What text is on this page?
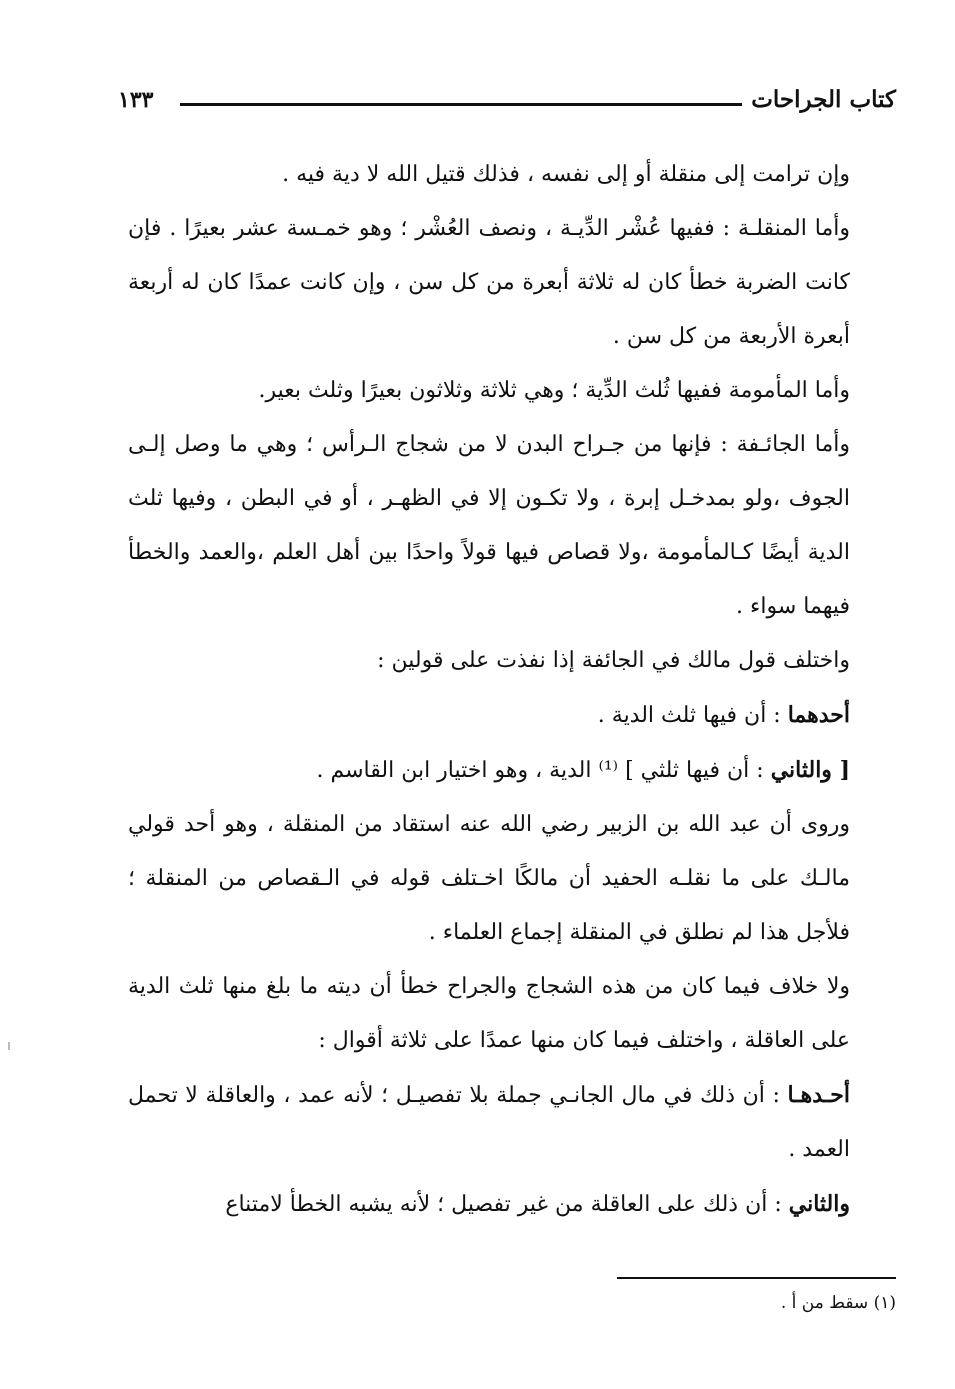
كتاب الجراحات
١٣٣

وإن ترامت إلى منقلة أو إلى نفسه ، فذلك قتيل الله لا دية فيه .

وأما المنقلـة : ففيها عُشْر الدِّيـة ، ونصف العُشْر ؛ وهو خمـسة عشر بعيرًا . فإن كانت الضربة خطأ كان له ثلاثة أبعرة من كل سن ، وإن كانت عمدًا كان له أربعة أبعرة الأربعة من كل سن .

وأما المأمومة ففيها ثُلث الدِّية ؛ وهي ثلاثة وثلاثون بعيرًا وثلث بعير.

وأما الجائـفة : فإنها من جـراح البدن لا من شجاج الـرأس ؛ وهي ما وصل إلـى الجوف ،ولو بمدخـل إبرة ، ولا تكـون إلا في الظهـر ، أو في البطن ، وفيها ثلث الدية أيضًا كـالمأمومة ،ولا قصاص فيها قولاً واحدًا بين أهل العلم ،والعمد والخطأ فيهما سواء .

واختلف قول مالك في الجائفة إذا نفذت على قولين :

أحدهما : أن فيها ثلث الدية .

[ والثاني : أن فيها ثلثي ] ⁽¹⁾ الدية ، وهو اختيار ابن القاسم .

وروى أن عبد الله بن الزبير رضي الله عنه استقاد من المنقلة ، وهو أحد قولي مالـك على ما نقلـه الحفيد أن مالكًا اخـتلف قوله في الـقصاص من المنقلة ؛ فلأجل هذا لم نطلق في المنقلة إجماع العلماء .

ولا خلاف فيما كان من هذه الشجاج والجراح خطأ أن ديته ما بلغ منها ثلث الدية على العاقلة ، واختلف فيما كان منها عمدًا على ثلاثة أقوال :

أحـدهـا : أن ذلك في مال الجانـي جملة بلا تفصيـل ؛ لأنه عمد ، والعاقلة لا تحمل العمد .

والثاني : أن ذلك على العاقلة من غير تفصيل ؛ لأنه يشبه الخطأ لامتناع

(١) سقط من أ .
